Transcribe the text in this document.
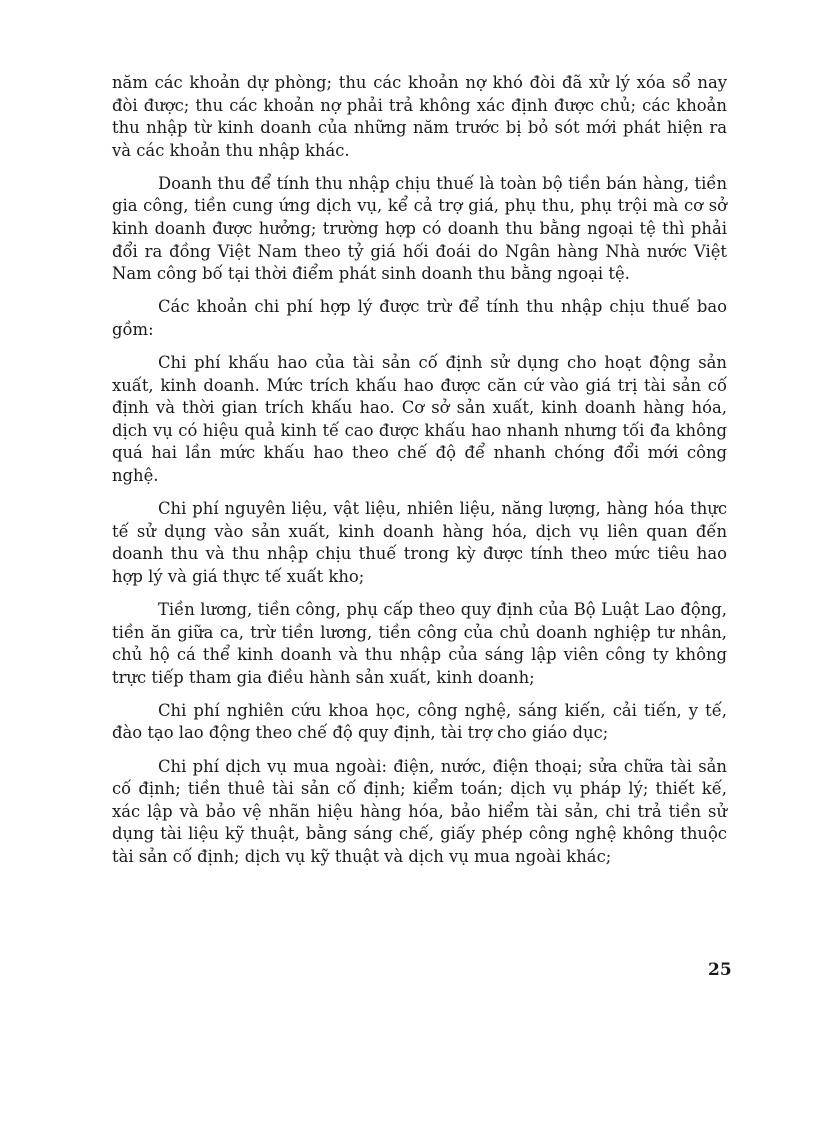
năm các khoản dự phòng; thu các khoản nợ khó đòi đã xử lý xóa sổ nay đòi được; thu các khoản nợ phải trả không xác định được chủ; các khoản thu nhập từ kinh doanh của những năm trước bị bỏ sót mới phát hiện ra và các khoản thu nhập khác.

Doanh thu để tính thu nhập chịu thuế là toàn bộ tiền bán hàng, tiền gia công, tiền cung ứng dịch vụ, kể cả trợ giá, phụ thu, phụ trội mà cơ sở kinh doanh được hưởng; trường hợp có doanh thu bằng ngoại tệ thì phải đổi ra đồng Việt Nam theo tỷ giá hối đoái do Ngân hàng Nhà nước Việt Nam công bố tại thời điểm phát sinh doanh thu bằng ngoại tệ.

Các khoản chi phí hợp lý được trừ để tính thu nhập chịu thuế bao gồm:

Chi phí khấu hao của tài sản cố định sử dụng cho hoạt động sản xuất, kinh doanh. Mức trích khấu hao được căn cứ vào giá trị tài sản cố định và thời gian trích khấu hao. Cơ sở sản xuất, kinh doanh hàng hóa, dịch vụ có hiệu quả kinh tế cao được khấu hao nhanh nhưng tối đa không quá hai lần mức khấu hao theo chế độ để nhanh chóng đổi mới công nghệ.

Chi phí nguyên liệu, vật liệu, nhiên liệu, năng lượng, hàng hóa thực tế sử dụng vào sản xuất, kinh doanh hàng hóa, dịch vụ liên quan đến doanh thu và thu nhập chịu thuế trong kỳ được tính theo mức tiêu hao hợp lý và giá thực tế xuất kho;

Tiền lương, tiền công, phụ cấp theo quy định của Bộ Luật Lao động, tiền ăn giữa ca, trừ tiền lương, tiền công của chủ doanh nghiệp tư nhân, chủ hộ cá thể kinh doanh và thu nhập của sáng lập viên công ty không trực tiếp tham gia điều hành sản xuất, kinh doanh;

Chi phí nghiên cứu khoa học, công nghệ, sáng kiến, cải tiến, y tế, đào tạo lao động theo chế độ quy định, tài trợ cho giáo dục;

Chi phí dịch vụ mua ngoài: điện, nước, điện thoại; sửa chữa tài sản cố định; tiền thuê tài sản cố định; kiểm toán; dịch vụ pháp lý; thiết kế, xác lập và bảo vệ nhãn hiệu hàng hóa, bảo hiểm tài sản, chi trả tiền sử dụng tài liệu kỹ thuật, bằng sáng chế, giấy phép công nghệ không thuộc tài sản cố định; dịch vụ kỹ thuật và dịch vụ mua ngoài khác;

25
